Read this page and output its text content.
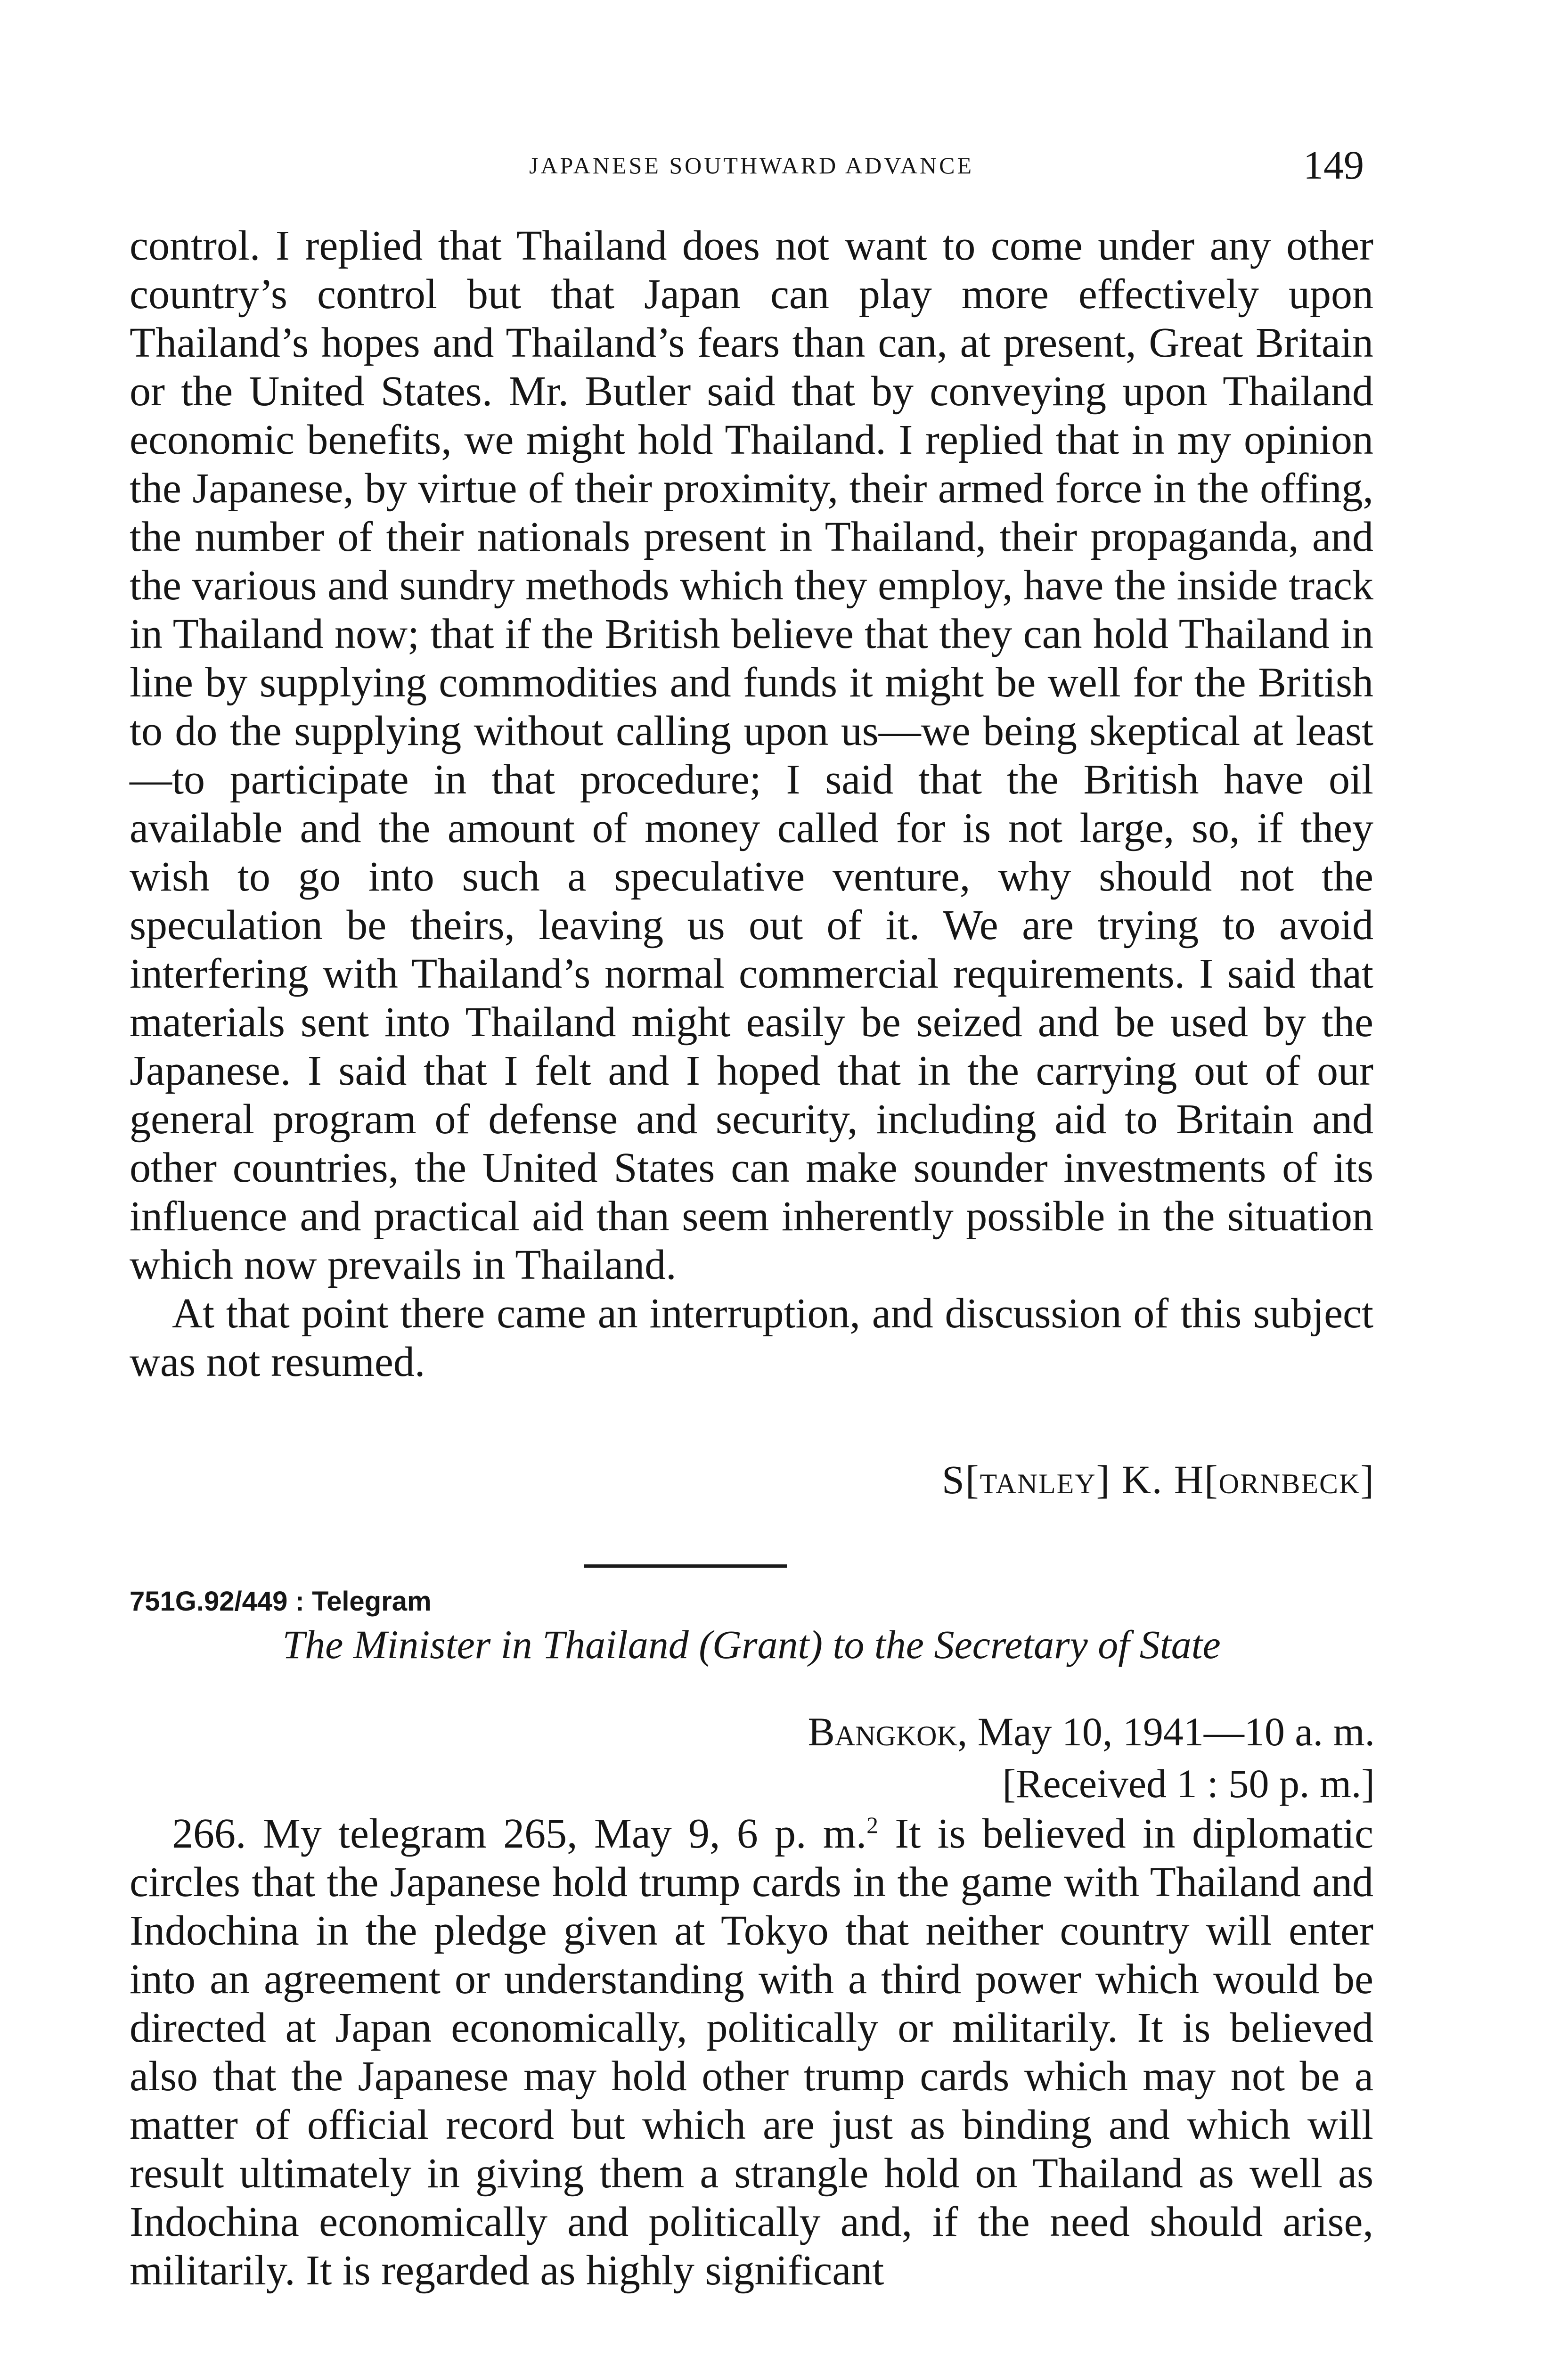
JAPANESE SOUTHWARD ADVANCE	149

control. I replied that Thailand does not want to come under any other country’s control but that Japan can play more effectively upon Thailand’s hopes and Thailand’s fears than can, at present, Great Britain or the United States. Mr. Butler said that by conveying upon Thailand economic benefits, we might hold Thailand. I replied that in my opinion the Japanese, by virtue of their proximity, their armed force in the offing, the number of their nationals present in Thailand, their propaganda, and the various and sundry methods which they employ, have the inside track in Thailand now; that if the British believe that they can hold Thailand in line by supplying commodities and funds it might be well for the British to do the supplying without calling upon us—we being skeptical at least—to participate in that procedure; I said that the British have oil available and the amount of money called for is not large, so, if they wish to go into such a speculative venture, why should not the speculation be theirs, leaving us out of it. We are trying to avoid interfering with Thailand’s normal commercial requirements. I said that materials sent into Thailand might easily be seized and be used by the Japanese. I said that I felt and I hoped that in the carrying out of our general program of defense and security, including aid to Britain and other countries, the United States can make sounder investments of its influence and practical aid than seem inherently possible in the situation which now prevails in Thailand.

At that point there came an interruption, and discussion of this subject was not resumed.

S[tanley] K. H[ornbeck]
751G.92/449 : Telegram
The Minister in Thailand (Grant) to the Secretary of State
Bangkok, May 10, 1941—10 a. m.
[Received 1 : 50 p. m.]

266. My telegram 265, May 9, 6 p. m.$^2$ It is believed in diplomatic circles that the Japanese hold trump cards in the game with Thailand and Indochina in the pledge given at Tokyo that neither country will enter into an agreement or understanding with a third power which would be directed at Japan economically, politically or militarily. It is believed also that the Japanese may hold other trump cards which may not be a matter of official record but which are just as binding and which will result ultimately in giving them a strangle hold on Thailand as well as Indochina economically and politically and, if the need should arise, militarily. It is regarded as highly significant
